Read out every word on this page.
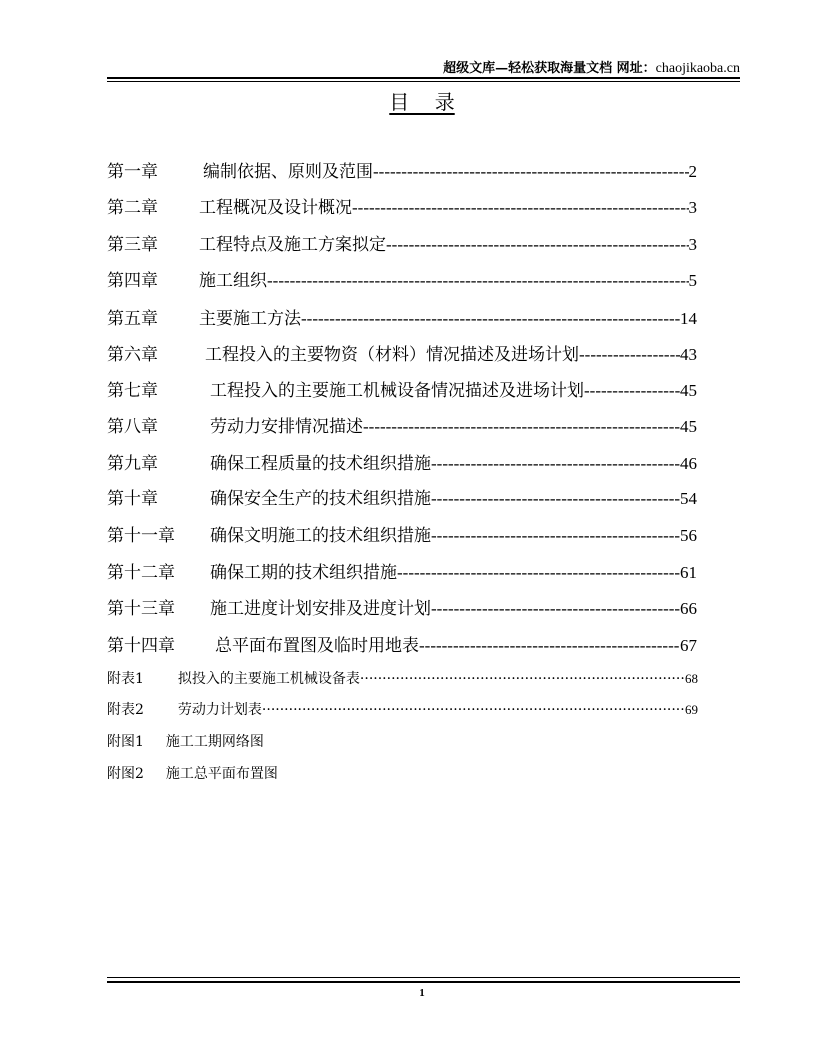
超级文库—轻松获取海量文档 网址：chaojikaoba.cn
目    录
第一章	编制依据、原则及范围 -----	2
第二章 工程概况及设计概况 -----	3
第三章 工程特点及施工方案拟定 -----	3
第四章 施工组织 -----	5
第五章 主要施工方法 -----	14
第六章	工程投入的主要物资（材料）情况描述及进场计划 -----	43
第七章	工程投入的主要施工机械设备情况描述及进场计划 -----	45
第八章	劳动力安排情况描述 -----	45
第九章	确保工程质量的技术组织措施 -----	46
第十章	确保安全生产的技术组织措施 -----	54
第十一章 确保文明施工的技术组织措施 -----	56
第十二章 确保工期的技术组织措施 -----	61
第十三章 施工进度计划安排及进度计划 -----	66
第十四章 总平面布置图及临时用地表 -----	67
附表1 拟投入的主要施工机械设备表 ·····	68
附表2 劳动力计划表 ·····	69
附图1 施工工期网络图
附图2 施工总平面布置图
1
